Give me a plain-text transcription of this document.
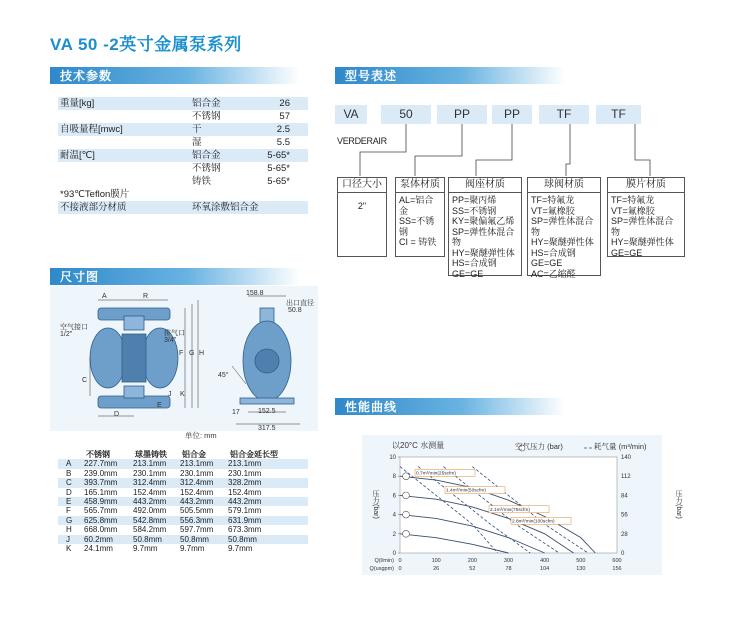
VA 50 -2英寸金属泵系列
技术参数	型号表述
尺寸图
性能曲线
重量[kg]	铝合金	26
不锈钢	57
自吸量程[mwc]	干	2.5
湿	5.5
耐温[℃]	铝合金	5-65*
不锈钢	5-65*
铸铁	5-65*
*93℃Teflon膜片
不接液部分材质	环氧涂敷铝合金
VA	50	PP	PP	TF	TF
VERDERAIR
口径大小
2"
泵体材质
AL=铝合金
SS=不锈钢
CI = 铸铁
阀座材质
PP=聚丙烯
SS=不锈钢
KY=聚偏氟乙烯
SP=弹性体混合物
HY=聚醚弹性体
HS=合成钢
GE=GE
球阀材质
TF=特氟龙
VT=氟橡胶
SP=弹性体混合物
HY=聚醚弹性体
HS=合成钢
GE=GE
AC=乙缩醛
膜片材质
TF=特氟龙
VT=氟橡胶
SP=弹性体混合物
HY=聚醚弹性体
GE=GE
A	R
F G H
C
D
E
J K
空气接口
1/2"	排气口
3/4"
出口直径
50.8
158.8
45°
17	152.5
317.5
单位: mm
不锈钢	球墨铸铁 铝合金	铝合金延长型
A 227.7mm 213.1mm 213.1mm 213.1mm
B 239.0mm 230.1mm 230.1mm 230.1mm
C 393.7mm 312.4mm 312.4mm 328.2mm
D 165.1mm 152.4mm 152.4mm 152.4mm
E 458.9mm 443.2mm 443.2mm 443.2mm
F 565.7mm 492.0mm 505.5mm 579.1mm
G 625.8mm 542.8mm 556.3mm 631.9mm
H 668.0mm 584.2mm 597.7mm 673.3mm
J 60.2mm	50.8mm 50.8mm 50.8mm
K 24.1mm	9.7mm	9.7mm	9.7mm
0	0
2	28
4	56
6	84
8	112
10	140
Q(l/min) 0	100	200	300	400	500	600
Q(usgpm) 0	26	52	78	104	130	156
0.7m³/min(25scfm)
1.4m³/min(50scfm)
2.1m³/min(75scfm)
2.8m³/min(100scfm)
以20°C 水测量	空气压力 (bar)	耗气量 (m³/min)
压力(bar)	压力(bar)
